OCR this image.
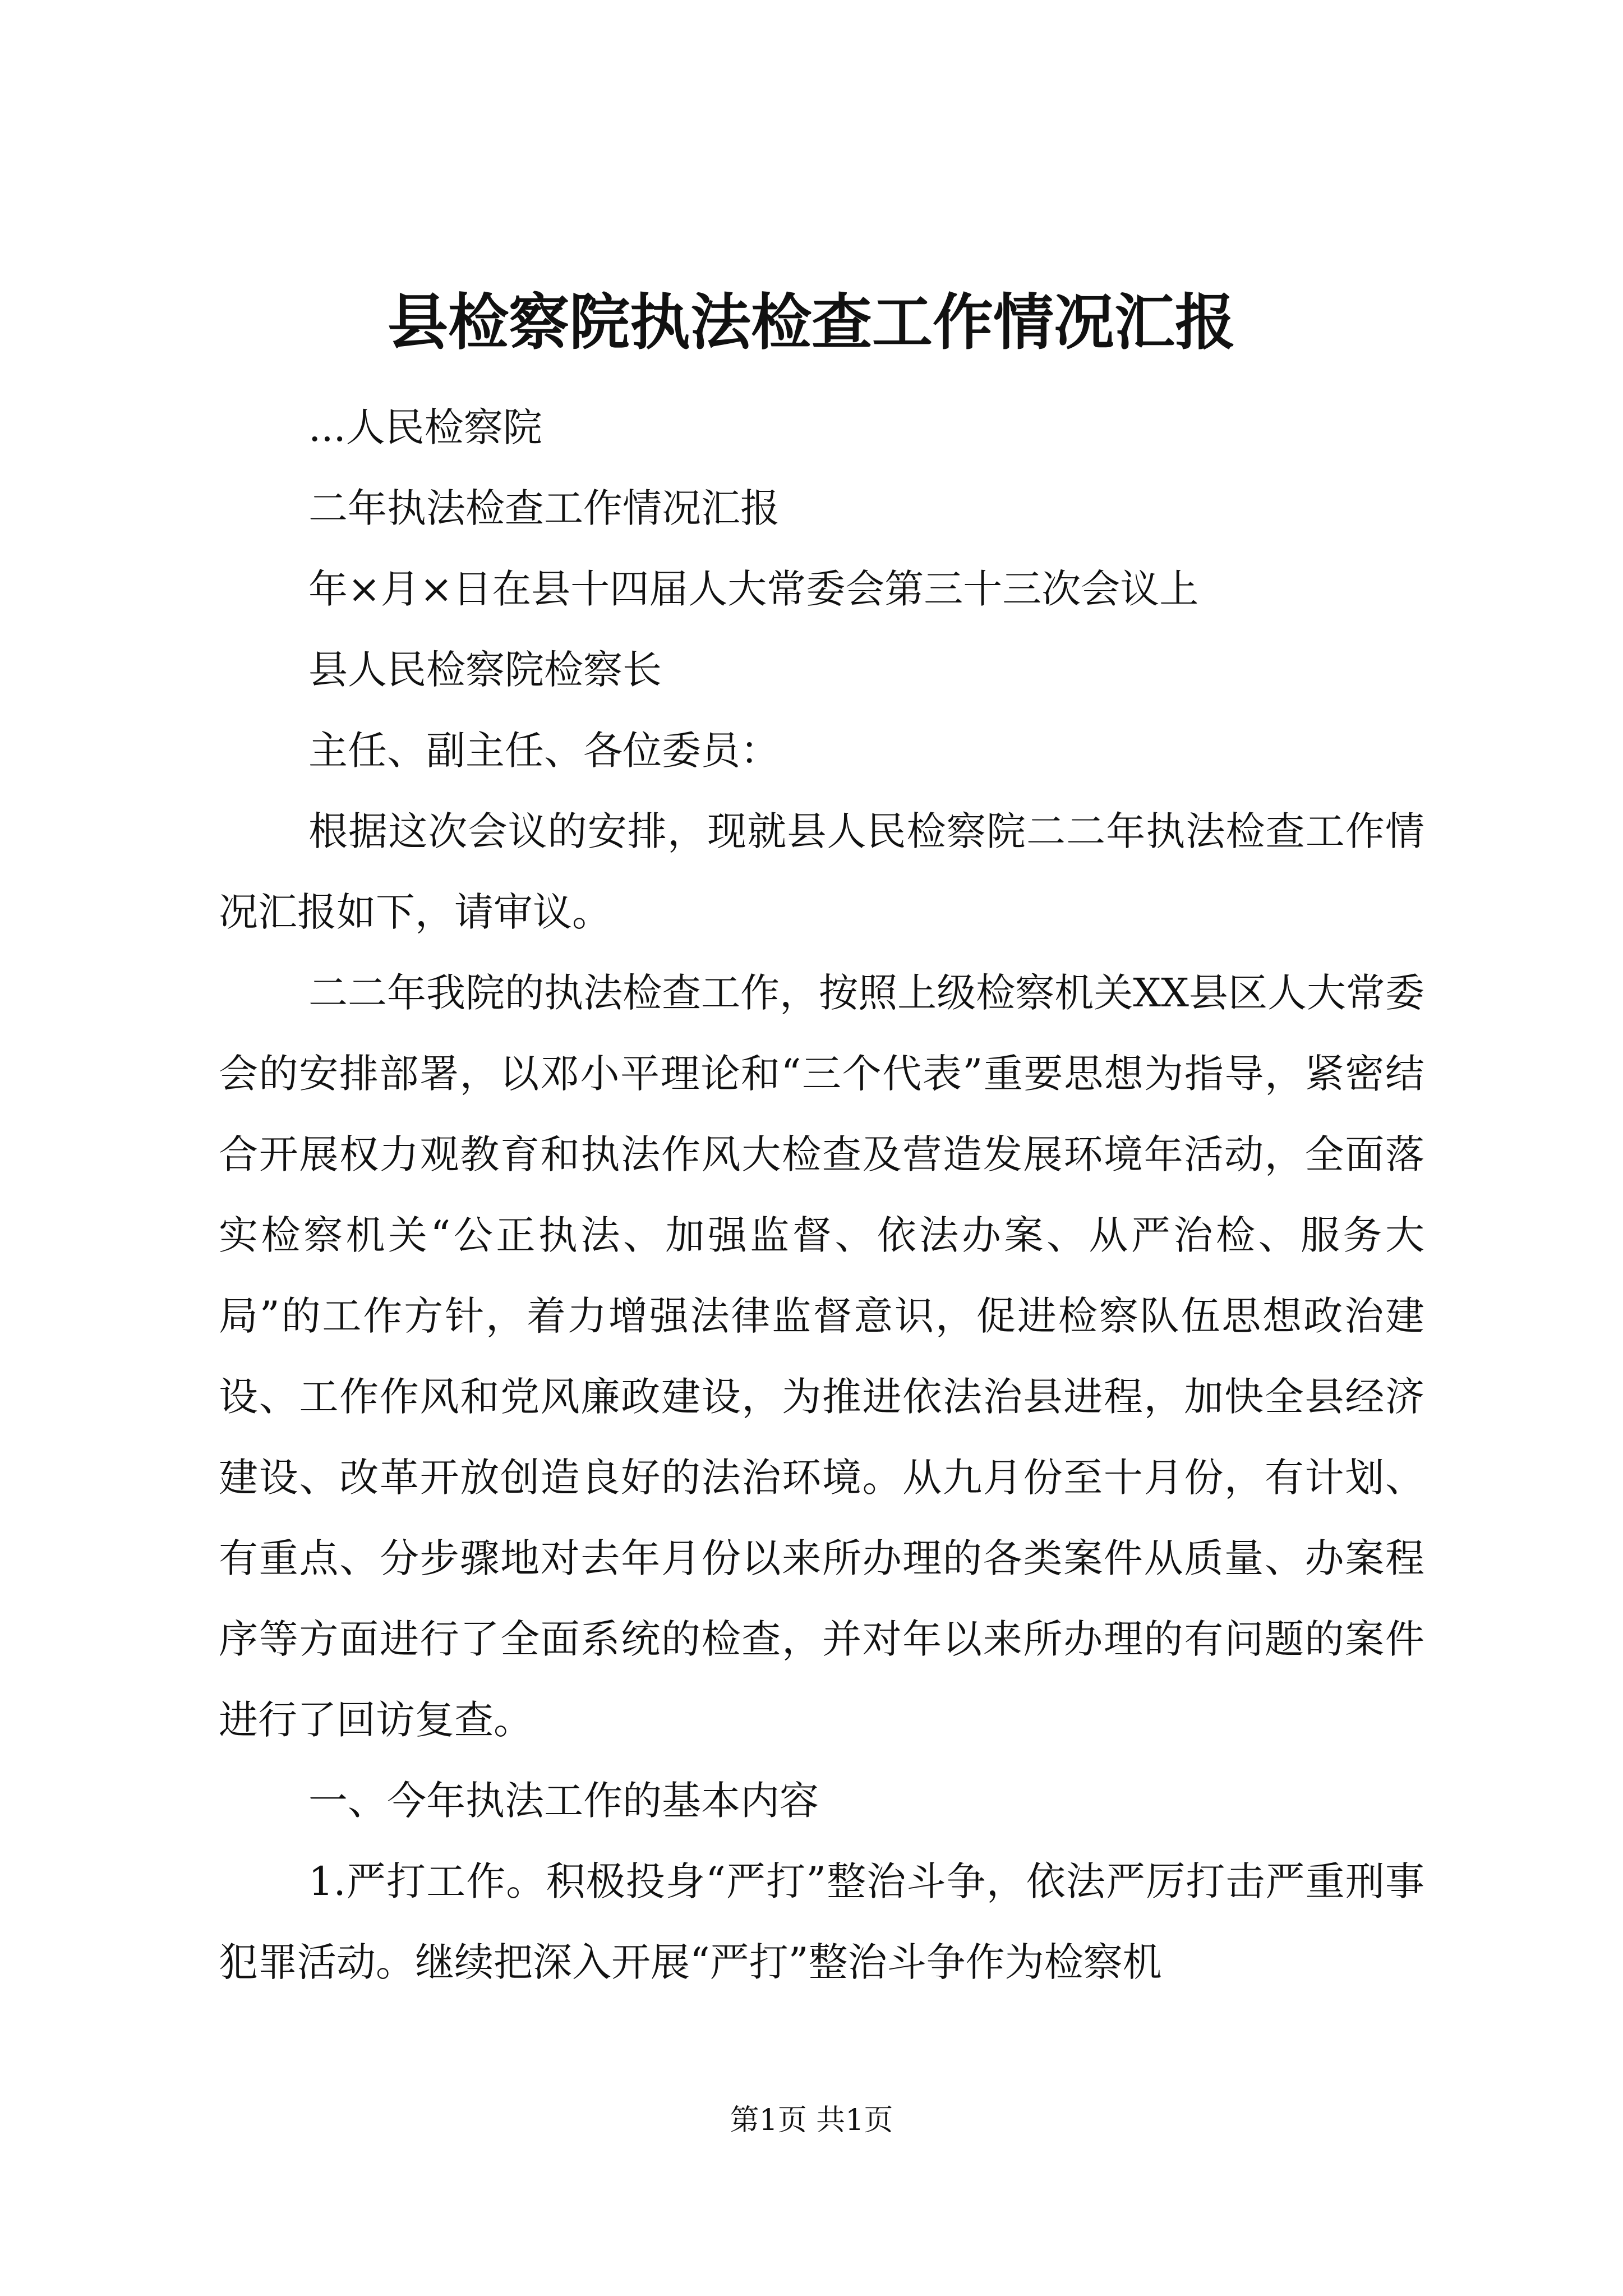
县检察院执法检查工作情况汇报

...人民检察院

二年执法检查工作情况汇报

年×月×日在县十四届人大常委会第三十三次会议上

县人民检察院检察长

主任、副主任、各位委员：

根据这次会议的安排，现就县人民检察院二二年执法检查工作情况汇报如下，请审议。

二二年我院的执法检查工作，按照上级检察机关XX县区人大常委会的安排部署，以邓小平理论和“三个代表”重要思想为指导，紧密结合开展权力观教育和执法作风大检查及营造发展环境年活动，全面落实检察机关“公正执法、加强监督、依法办案、从严治检、服务大局”的工作方针，着力增强法律监督意识，促进检察队伍思想政治建设、工作作风和党风廉政建设，为推进依法治县进程，加快全县经济建设、改革开放创造良好的法治环境。从九月份至十月份，有计划、有重点、分步骤地对去年月份以来所办理的各类案件从质量、办案程序等方面进行了全面系统的检查，并对年以来所办理的有问题的案件进行了回访复查。

一、今年执法工作的基本内容

1.严打工作。积极投身“严打”整治斗争，依法严厉打击严重刑事犯罪活动。继续把深入开展“严打”整治斗争作为检察机

第1页 共1页
